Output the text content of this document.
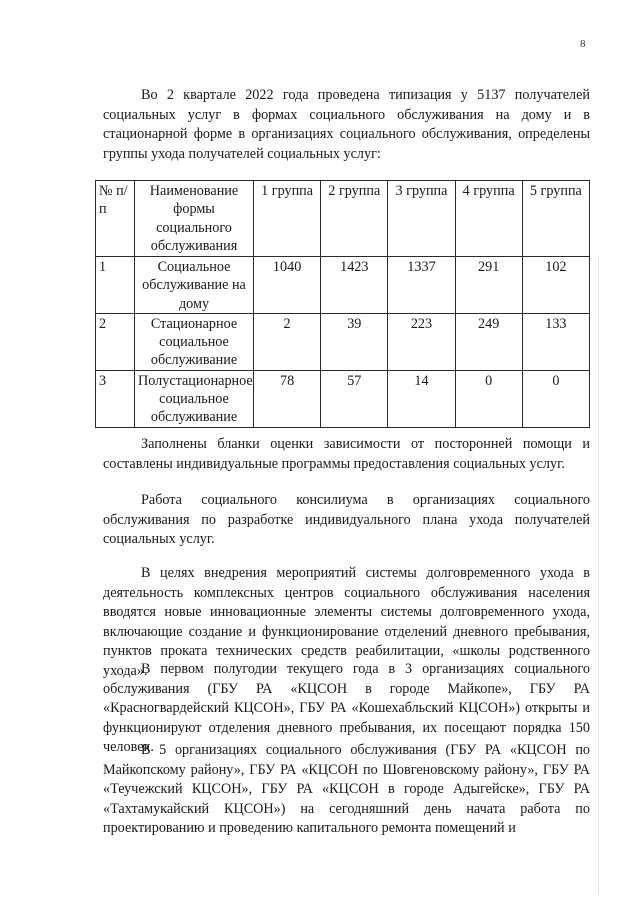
8

Во 2 квартале 2022 года проведена типизация у 5137 получателей социальных услуг в формах социального обслуживания на дому и в стационарной форме в организациях социального обслуживания, определены группы ухода получателей социальных услуг:

№ п/п	Наименование формы социального обслуживания	1 группа	2 группа	3 группа	4 группа	5 группа
1	Социальное обслуживание на дому	1040	1423	1337	291	102
2	Стационарное социальное обслуживание	2	39	223	249	133
3	Полустационарное социальное обслуживание	78	57	14	0	0

Заполнены бланки оценки зависимости от посторонней помощи и составлены индивидуальные программы предоставления социальных услуг.

Работа социального консилиума в организациях социального обслуживания по разработке индивидуального плана ухода получателей социальных услуг.

В целях внедрения мероприятий системы долговременного ухода в деятельность комплексных центров социального обслуживания населения вводятся новые инновационные элементы системы долговременного ухода, включающие создание и функционирование отделений дневного пребывания, пунктов проката технических средств реабилитации, «школы родственного ухода».

В первом полугодии текущего года в 3 организациях социального обслуживания (ГБУ РА «КЦСОН в городе Майкопе», ГБУ РА «Красногвардейский КЦСОН», ГБУ РА «Кошехабльский КЦСОН») открыты и функционируют отделения дневного пребывания, их посещают порядка 150 человек.

В 5 организациях социального обслуживания (ГБУ РА «КЦСОН по Майкопскому району», ГБУ РА «КЦСОН по Шовгеновскому району», ГБУ РА «Теучежский КЦСОН», ГБУ РА «КЦСОН в городе Адыгейске», ГБУ РА «Тахтамукайский КЦСОН») на сегодняшний день начата работа по проектированию и проведению капитального ремонта помещений и
